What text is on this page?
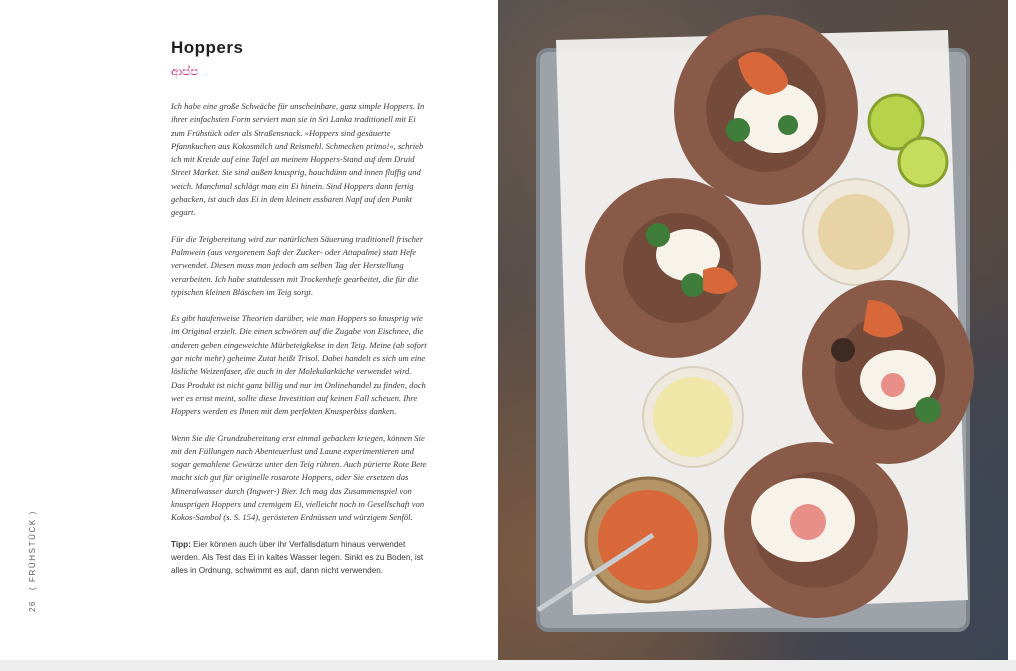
Hoppers
ආප්ප

Ich habe eine große Schwäche für unscheinbare, ganz simple Hoppers. In ihrer einfachsten Form serviert man sie in Sri Lanka traditionell mit Ei zum Frühstück oder als Straßensnack. »Hoppers sind gesäuerte Pfannkuchen aus Kokosmilch und Reismehl. Schmecken primo!«, schrieb ich mit Kreide auf eine Tafel an meinem Hoppers-Stand auf dem Druid Street Market. Sie sind außen knusprig, hauchdünn und innen fluffig und weich. Manchmal schlägt man ein Ei hinein. Sind Hoppers dann fertig gebacken, ist auch das Ei in dem kleinen essbaren Napf auf den Punkt gegart.

Für die Teigbereitung wird zur natürlichen Säuerung traditionell frischer Palmwein (aus vergorenem Saft der Zucker- oder Attapalme) statt Hefe verwendet. Diesen muss man jedoch am selben Tag der Herstellung verarbeiten. Ich habe stattdessen mit Trockenhefe gearbeitet, die für die typischen kleinen Bläschen im Teig sorgt.

Es gibt haufenweise Theorien darüber, wie man Hoppers so knusprig wie im Original erzielt. Die einen schwören auf die Zugabe von Eischnee, die anderen geben eingeweichte Mürbeteigkekse in den Teig. Meine (ab sofort gar nicht mehr) geheime Zutat heißt Trisol. Dabei handelt es sich um eine lösliche Weizenfaser, die auch in der Molekularküche verwendet wird. Das Produkt ist nicht ganz billig und nur im Onlinehandel zu finden, doch wer es ernst meint, sollte diese Investition auf keinen Fall scheuen. Ihre Hoppers werden es Ihnen mit dem perfekten Knusperbiss danken.

Wenn Sie die Grundzubereitung erst einmal gebacken kriegen, können Sie mit den Füllungen nach Abenteuerlust und Laune experimentieren und sogar gemahlene Gewürze unter den Teig rühren. Auch pürierte Rote Bete macht sich gut für originelle rosarote Hoppers, oder Sie ersetzen das Mineralwasser durch (Ingwer-) Bier. Ich mag das Zusammenspiel von knusprigen Hoppers und cremigem Ei, vielleicht noch in Gesellschaft von Kokos-Sambol (s. S. 154), gerösteten Erdnüssen und würzigem Senföl.

Tipp: Eier können auch über ihr Verfallsdatum hinaus verwendet werden. Als Test das Ei in kaltes Wasser legen. Sinkt es zu Boden, ist alles in Ordnung, schwimmt es auf, dann nicht verwenden.

26 ( FRÜHSTÜCK )
